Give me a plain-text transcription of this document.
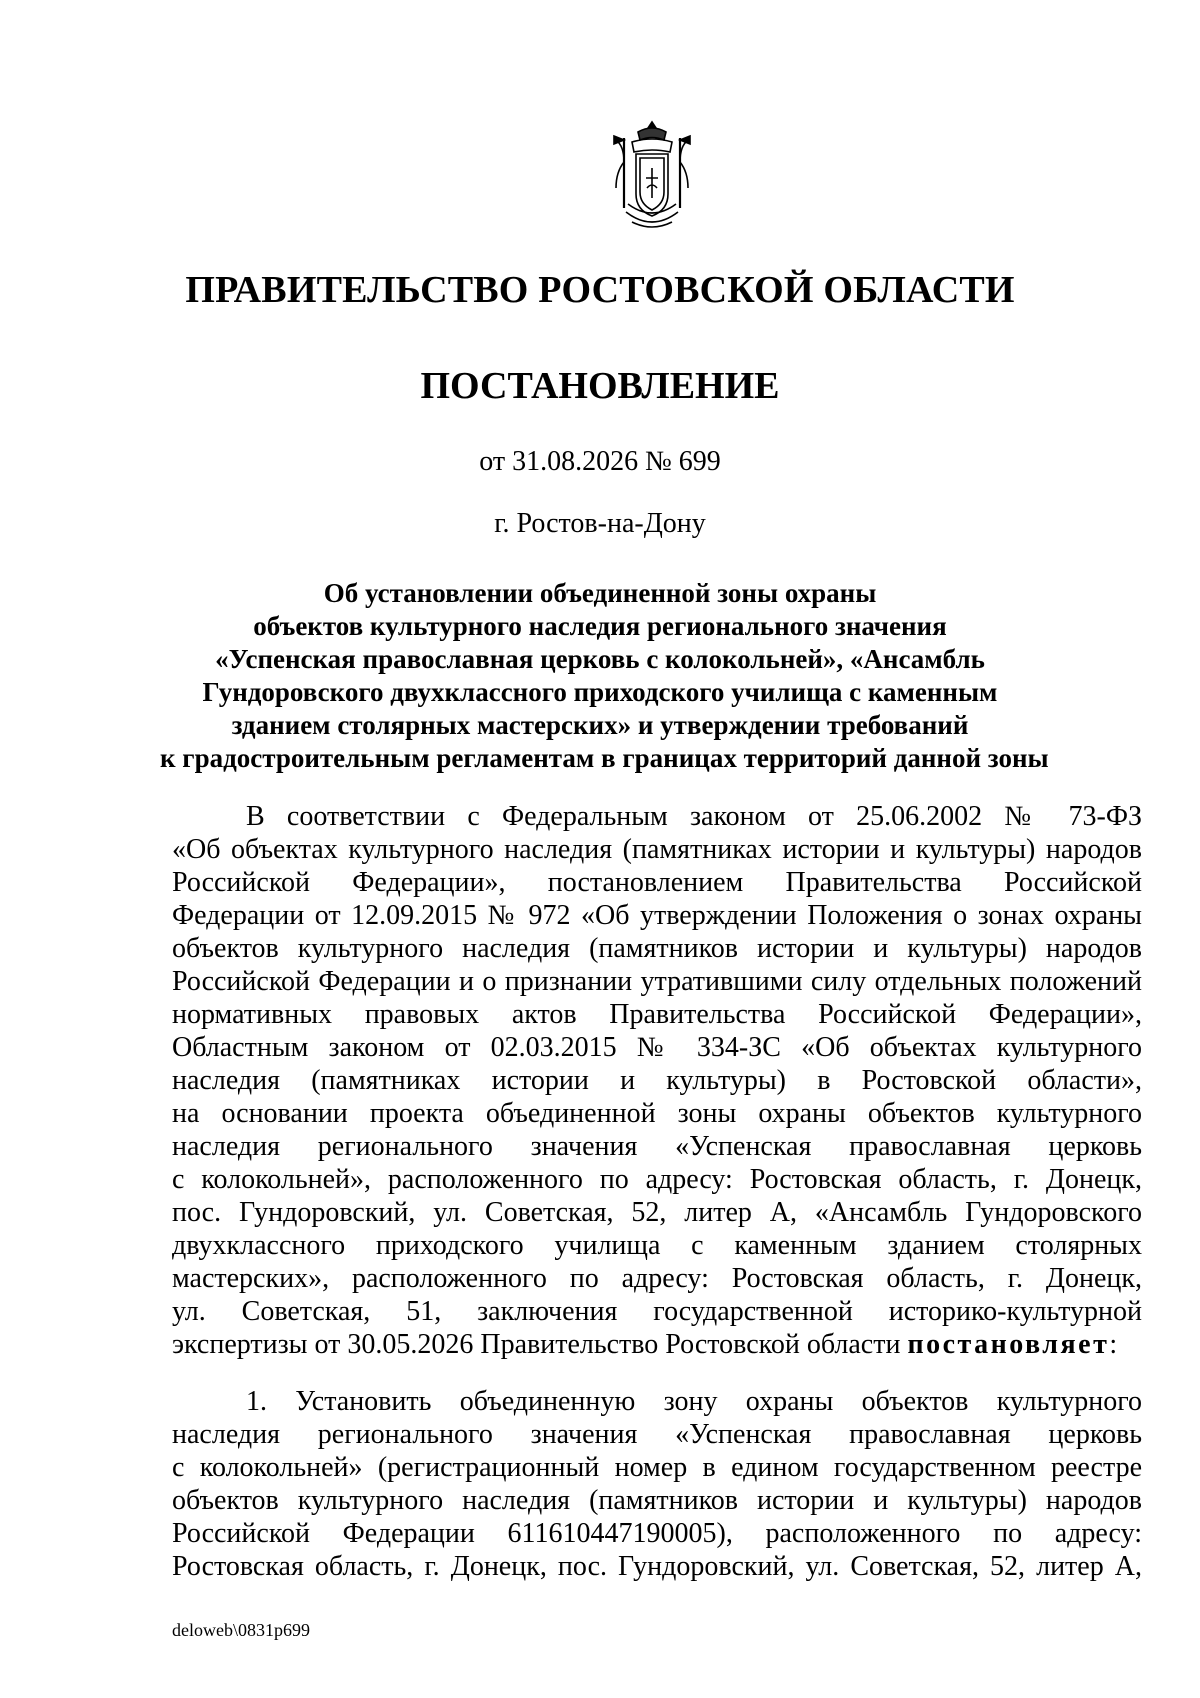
ПРАВИТЕЛЬСТВО РОСТОВСКОЙ ОБЛАСТИ
ПОСТАНОВЛЕНИЕ
от 31.08.2026 № 699
г. Ростов-на-Дону
Об установлении объединенной зоны охраны
объектов культурного наследия регионального значения
«Успенская православная церковь с колокольней», «Ансамбль
Гундоровского двухклассного приходского училища с каменным
зданием столярных мастерских» и утверждении требований
к градостроительным регламентам в границах территорий данной зоны
В соответствии с Федеральным законом от 25.06.2002 № 73-ФЗ
«Об объектах культурного наследия (памятниках истории и культуры) народов
Российской Федерации», постановлением Правительства Российской
Федерации от 12.09.2015 № 972 «Об утверждении Положения о зонах охраны
объектов культурного наследия (памятников истории и культуры) народов
Российской Федерации и о признании утратившими силу отдельных положений
нормативных правовых актов Правительства Российской Федерации»,
Областным законом от 02.03.2015 № 334-ЗС «Об объектах культурного
наследия (памятниках истории и культуры) в Ростовской области»,
на основании проекта объединенной зоны охраны объектов культурного
наследия регионального значения «Успенская православная церковь
с колокольней», расположенного по адресу: Ростовская область, г. Донецк,
пос. Гундоровский, ул. Советская, 52, литер А, «Ансамбль Гундоровского
двухклассного приходского училища с каменным зданием столярных
мастерских», расположенного по адресу: Ростовская область, г. Донецк,
ул. Советская, 51, заключения государственной историко-культурной
экспертизы от 30.05.2026 Правительство Ростовской области постановляет:
1. Установить объединенную зону охраны объектов культурного
наследия регионального значения «Успенская православная церковь
с колокольней» (регистрационный номер в едином государственном реестре
объектов культурного наследия (памятников истории и культуры) народов
Российской Федерации 611610447190005), расположенного по адресу:
Ростовская область, г. Донецк, пос. Гундоровский, ул. Советская, 52, литер А,
deloweb\0831p699
